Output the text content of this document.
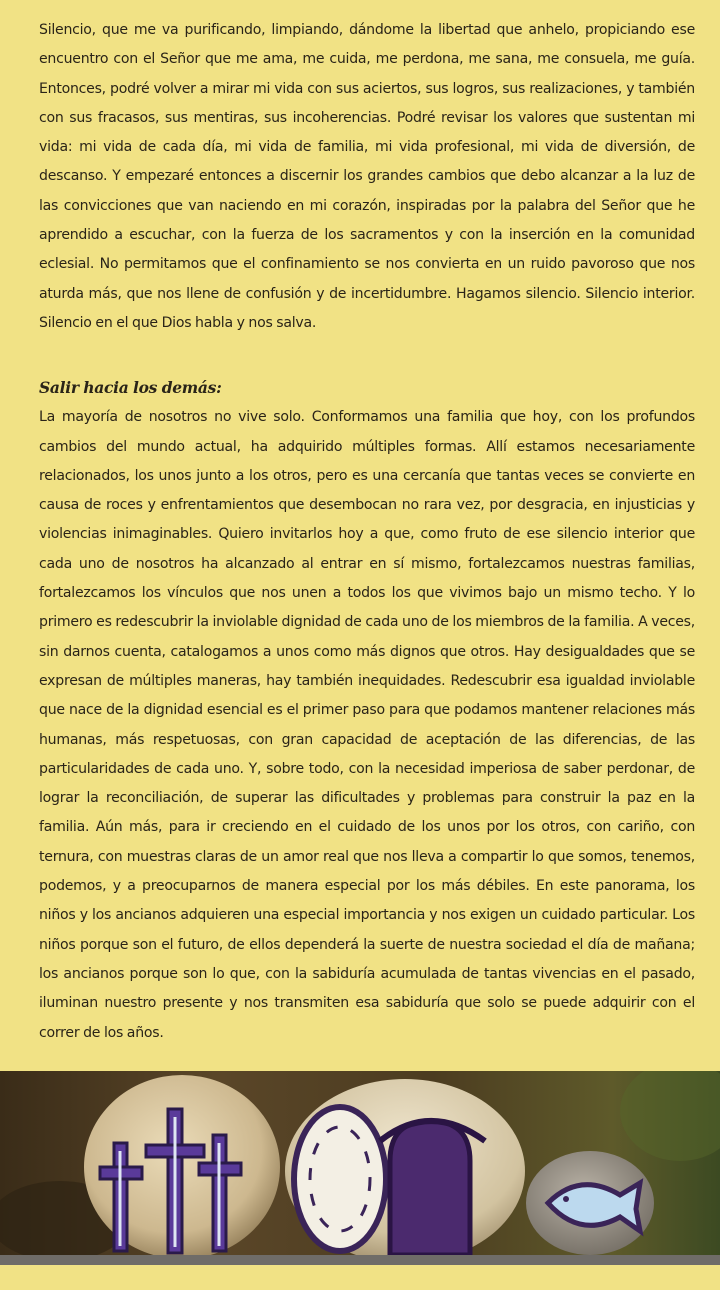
Silencio, que me va purificando, limpiando, dándome la libertad que anhelo, propiciando ese encuentro con el Señor que me ama, me cuida, me perdona, me sana, me consuela, me guía. Entonces, podré volver a mirar mi vida con sus aciertos, sus logros, sus realizaciones, y también con sus fracasos, sus mentiras, sus incoherencias. Podré revisar los valores que sustentan mi vida: mi vida de cada día, mi vida de familia, mi vida profesional, mi vida de diversión, de descanso. Y empezaré entonces a discernir los grandes cambios que debo alcanzar a la luz de las convicciones que van naciendo en mi corazón, inspiradas por la palabra del Señor que he aprendido a escuchar, con la fuerza de los sacramentos y con la inserción en la comunidad eclesial. No permitamos que el confinamiento se nos convierta en un ruido pavoroso que nos aturda más, que nos llene de confusión y de incertidumbre. Hagamos silencio. Silencio interior. Silencio en el que Dios habla y nos salva.

Salir hacia los demás:

La mayoría de nosotros no vive solo. Conformamos una familia que hoy, con los profundos cambios del mundo actual, ha adquirido múltiples formas. Allí estamos necesariamente relacionados, los unos junto a los otros, pero es una cercanía que tantas veces se convierte en causa de roces y enfrentamientos que desembocan no rara vez, por desgracia, en injusticias y violencias inimaginables. Quiero invitarlos hoy a que, como fruto de ese silencio interior que cada uno de nosotros ha alcanzado al entrar en sí mismo, fortalezcamos nuestras familias, fortalezcamos los vínculos que nos unen a todos los que vivimos bajo un mismo techo. Y lo primero es redescubrir la inviolable dignidad de cada uno de los miembros de la familia. A veces, sin darnos cuenta, catalogamos a unos como más dignos que otros. Hay desigualdades que se expresan de múltiples maneras, hay también inequidades. Redescubrir esa igualdad inviolable que nace de la dignidad esencial es el primer paso para que podamos mantener relaciones más humanas, más respetuosas, con gran capacidad de aceptación de las diferencias, de las particularidades de cada uno. Y, sobre todo, con la necesidad imperiosa de saber perdonar, de lograr la reconciliación, de superar las dificultades y problemas para construir la paz en la familia. Aún más, para ir creciendo en el cuidado de los unos por los otros, con cariño, con ternura, con muestras claras de un amor real que nos lleva a compartir lo que somos, tenemos, podemos, y a preocuparnos de manera especial por los más débiles. En este panorama, los niños y los ancianos adquieren una especial importancia y nos exigen un cuidado particular. Los niños porque son el futuro, de ellos dependerá la suerte de nuestra sociedad el día de mañana; los ancianos porque son lo que, con la sabiduría acumulada de tantas vivencias en el pasado, iluminan nuestro presente y nos transmiten esa sabiduría que solo se puede adquirir con el correr de los años.
